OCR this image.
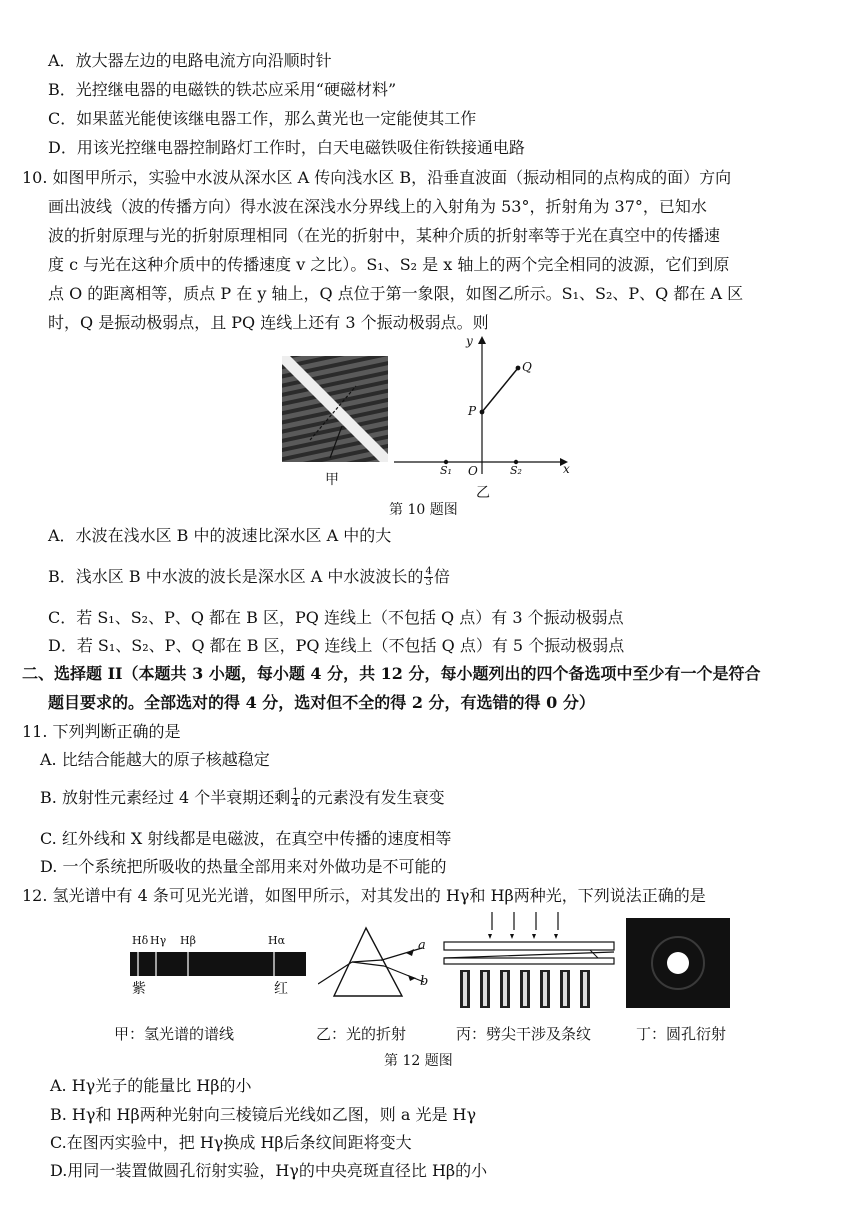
A．放大器左边的电路电流方向沿顺时针
B．光控继电器的电磁铁的铁芯应采用“硬磁材料”
C．如果蓝光能使该继电器工作，那么黄光也一定能使其工作
D．用该光控继电器控制路灯工作时，白天电磁铁吸住衔铁接通电路
10. 如图甲所示，实验中水波从深水区 A 传向浅水区 B，沿垂直波面（振动相同的点构成的面）方向
画出波线（波的传播方向）得水波在深浅水分界线上的入射角为 53°，折射角为 37°，已知水
波的折射原理与光的折射原理相同（在光的折射中，某种介质的折射率等于光在真空中的传播速
度 c 与光在这种介质中的传播速度 v 之比）。S₁、S₂ 是 x 轴上的两个完全相同的波源，它们到原
点 O 的距离相等，质点 P 在 y 轴上，Q 点位于第一象限，如图乙所示。S₁、S₂、P、Q 都在 A 区
时，Q 是振动极弱点，且 PQ 连线上还有 3 个振动极弱点。则
甲
y
x
Q
P
O
S₁	S₂
乙
第 10 题图
A．水波在浅水区 B 中的波速比深水区 A 中的大
B．浅水区 B 中水波的波长是深水区 A 中水波波长的 $\frac{4}{3}$ 倍
C．若 S₁、S₂、P、Q 都在 B 区，PQ 连线上（不包括 Q 点）有 3 个振动极弱点
D．若 S₁、S₂、P、Q 都在 B 区，PQ 连线上（不包括 Q 点）有 5 个振动极弱点
二、选择题 II（本题共 3 小题，每小题 4 分，共 12 分，每小题列出的四个备选项中至少有一个是符合
题目要求的。全部选对的得 4 分，选对但不全的得 2 分，有选错的得 0 分）
11. 下列判断正确的是
A. 比结合能越大的原子核越稳定
B. 放射性元素经过 4 个半衰期还剩 $\frac{1}{4}$ 的元素没有发生衰变
C. 红外线和 X 射线都是电磁波，在真空中传播的速度相等
D. 一个系统把所吸收的热量全部用来对外做功是不可能的
12. 氢光谱中有 4 条可见光光谱，如图甲所示，对其发出的 Hγ和 Hβ两种光，下列说法正确的是
Hδ Hγ Hβ	Hα
紫	红
a
b
甲：氢光谱的谱线	乙：光的折射	丙：劈尖干涉及条纹	丁：圆孔衍射
第 12 题图
A. Hγ光子的能量比 Hβ的小
B. Hγ和 Hβ两种光射向三棱镜后光线如乙图，则 a 光是 Hγ
C.在图丙实验中，把 Hγ换成 Hβ后条纹间距将变大
D.用同一装置做圆孔衍射实验，Hγ的中央亮斑直径比 Hβ的小
